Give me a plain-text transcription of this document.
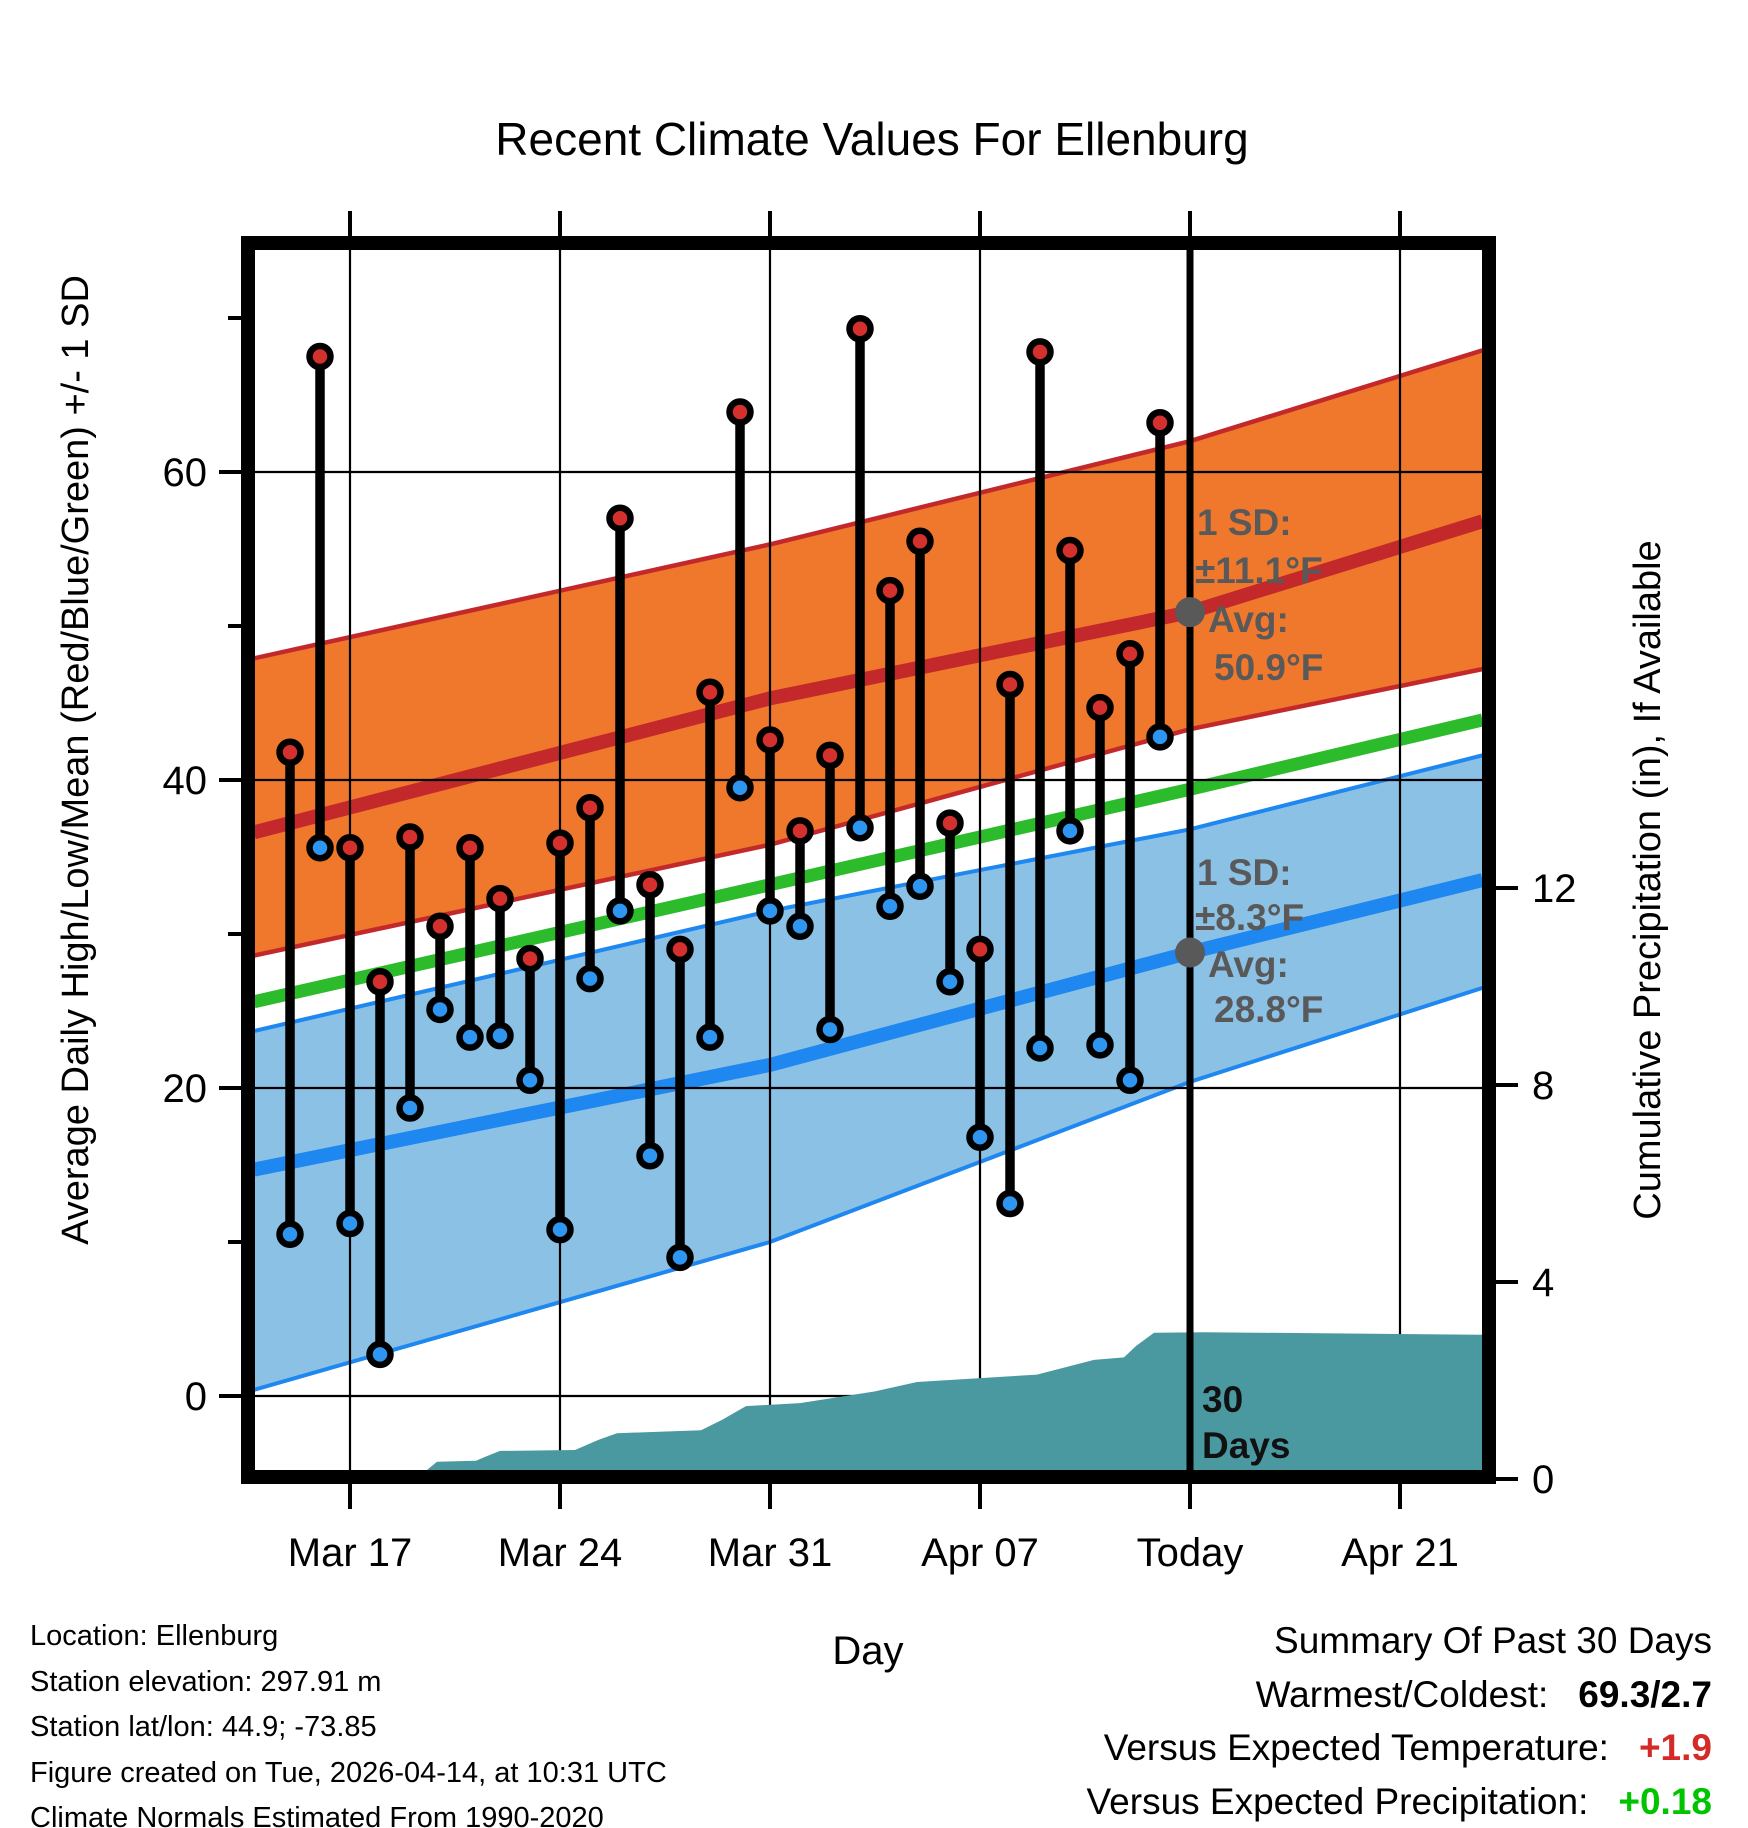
Recent Climate Values For Ellenburg
0
20
40
60
Mar 17 Mar 24 Mar 31 Apr 07 Today Apr 21
0
4
8
12
Average Daily High/Low/Mean (Red/Blue/Green) +/- 1 SD	Cumulative Precipitation (in), If Available
Day
1 SD:
±11.1°F
Avg:
50.9°F
1 SD:
±8.3°F
Avg:
28.8°F
30
Days
Location: Ellenburg
Station elevation: 297.91 m
Station lat/lon: 44.9; -73.85
Figure created on Tue, 2026-04-14, at 10:31 UTC
Climate Normals Estimated From 1990-2020
Summary Of Past 30 Days
Warmest/Coldest: 69.3/2.7
Versus Expected Temperature: +1.9
Versus Expected Precipitation: +0.18
